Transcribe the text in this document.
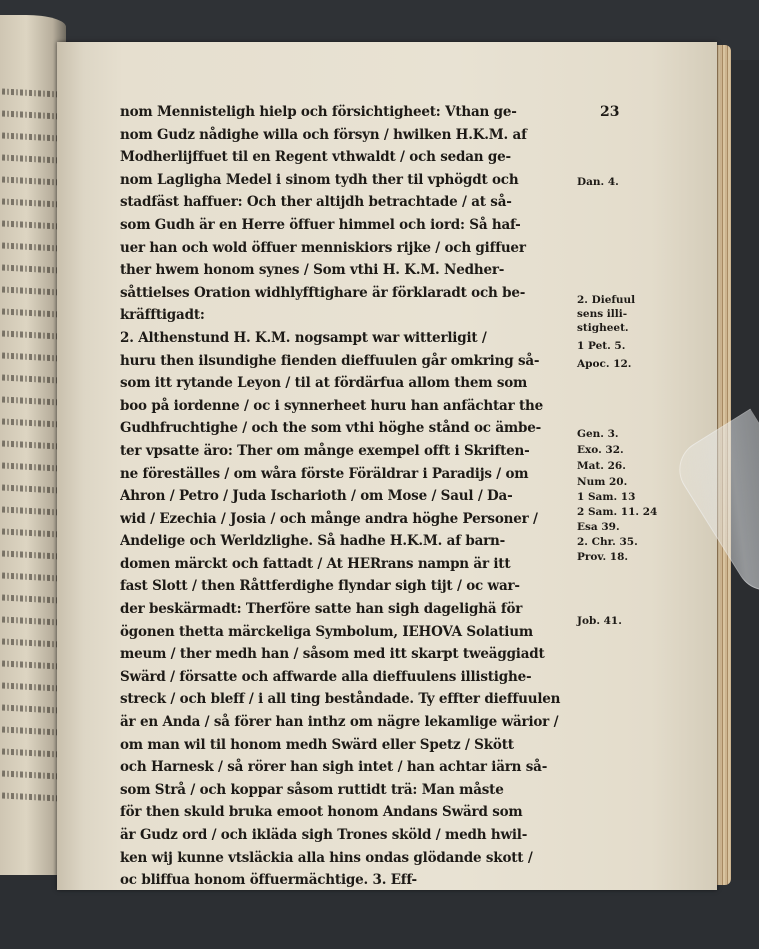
23
nom Mennisteligh hielp och försichtigheet: Vthan ge-
nom Gudz nådighe willa och försyn / hwilken H.K.M. af
Modherlijffuet til en Regent vthwaldt / och sedan ge-
nom Lagligha Medel i sinom tydh ther til vphögdt och
stadfäst haffuer: Och ther altijdh betrachtade / at så-
som Gudh är en Herre öffuer himmel och iord: Så haf-
uer han och wold öffuer menniskiors rijke / och giffuer
ther hwem honom synes / Som vthi H. K.M. Nedher-
såttielses Oration widhlyfftighare är förklaradt och be-
kräfftigadt:
2. Althenstund H. K.M. nogsampt war witterligit /
huru then ilsundighe fienden dieffuulen går omkring så-
som itt rytande Leyon / til at fördärfua allom them som
boo på iordenne / oc i synnerheet huru han anfächtar the
Gudhfruchtighe / och the som vthi höghe stånd oc ämbe-
ter vpsatte äro: Ther om månge exempel offt i Skriften-
ne föreställes / om wåra förste Föräldrar i Paradijs / om
Ahron / Petro / Juda Ischarioth / om Mose / Saul / Da-
wid / Ezechia / Josia / och månge andra höghe Personer /
Andelige och Werldzlighe. Så hadhe H.K.M. af barn-
domen märckt och fattadt / At HERrans nampn är itt
fast Slott / then Råttferdighe flyndar sigh tijt / oc war-
der beskärmadt: Therföre satte han sigh dagelighä för
ögonen thetta märckeliga Symbolum, IEHOVA Solatium
meum / ther medh han / såsom med itt skarpt tweäggiadt
Swärd / försatte och affwarde alla dieffuulens illistighe-
streck / och bleff / i all ting beståndade. Ty effter dieffuulen
är en Anda / så förer han inthz om nägre lekamlige wärior /
om man wil til honom medh Swärd eller Spetz / Skött
och Harnesk / så rörer han sigh intet / han achtar iärn så-
som Strå / och koppar såsom ruttidt trä: Man måste
för then skuld bruka emoot honom Andans Swärd som
är Gudz ord / och ikläda sigh Trones sköld / medh hwil-
ken wij kunne vtsläckia alla hins ondas glödande skott /
oc bliffua honom öffuermächtige. 3. Eff-
Dan. 4.
2. Diefuul
sens illi-
stigheet.
1 Pet. 5.
Apoc. 12.
Gen. 3.
Exo. 32.
Mat. 26.
Num 20.
1 Sam. 13
2 Sam. 11. 24
Esa 39.
2. Chr. 35.
Prov. 18.
Job. 41.
